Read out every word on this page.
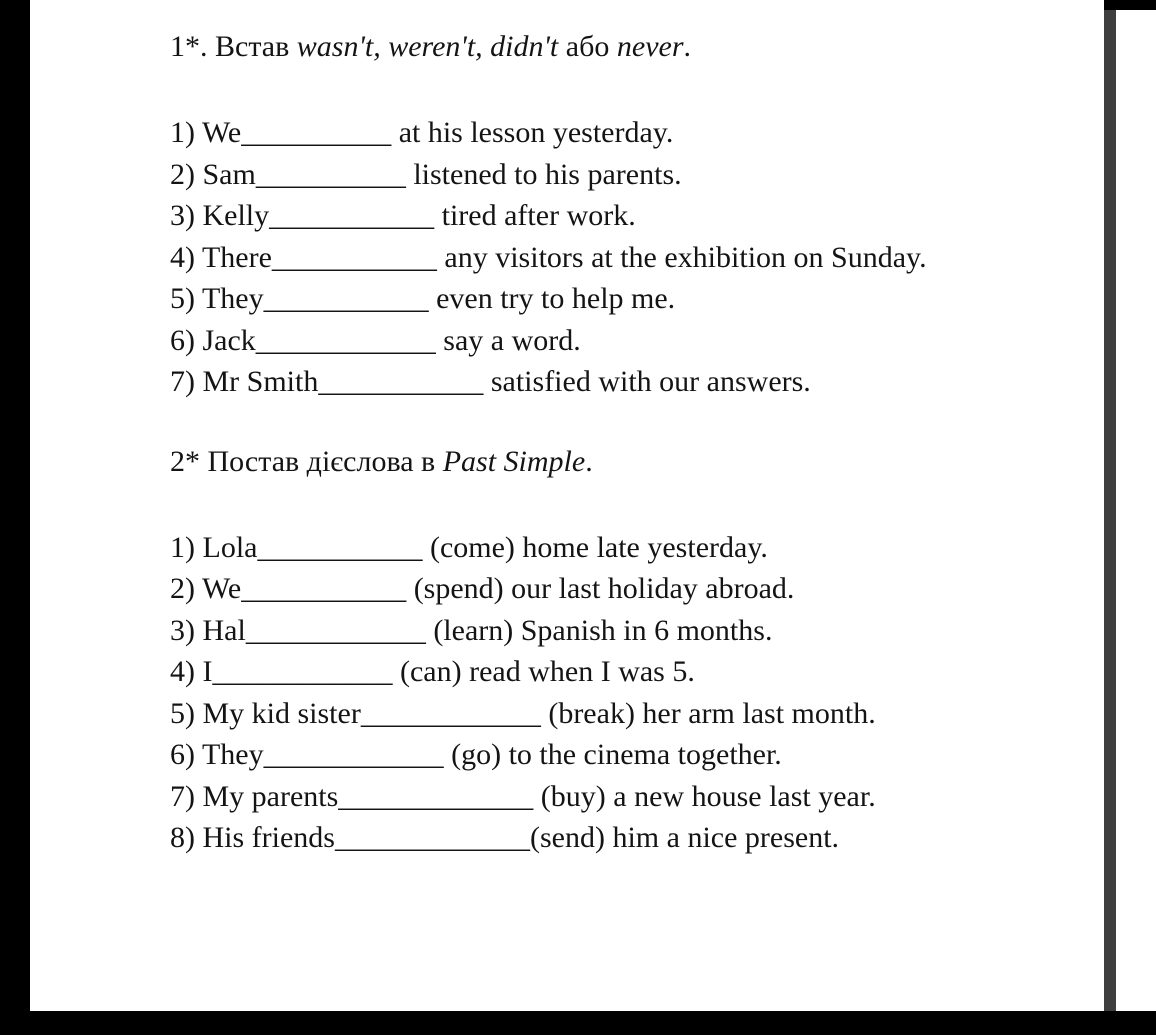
1*. Встав wasn't, weren't, didn't або never.
1) We__________ at his lesson yesterday.
2) Sam__________ listened to his parents.
3) Kelly___________ tired after work.
4) There___________ any visitors at the exhibition on Sunday.
5) They___________ even try to help me.
6) Jack____________ say a word.
7) Mr Smith___________ satisfied with our answers.
2* Постав дієслова в Past Simple.
1) Lola___________ (come) home late yesterday.
2) We___________ (spend) our last holiday abroad.
3) Hal____________ (learn) Spanish in 6 months.
4) I____________ (can) read when I was 5.
5) My kid sister____________ (break) her arm last month.
6) They____________ (go) to the cinema together.
7) My parents_____________ (buy) a new house last year.
8) His friends_____________(send) him a nice present.
